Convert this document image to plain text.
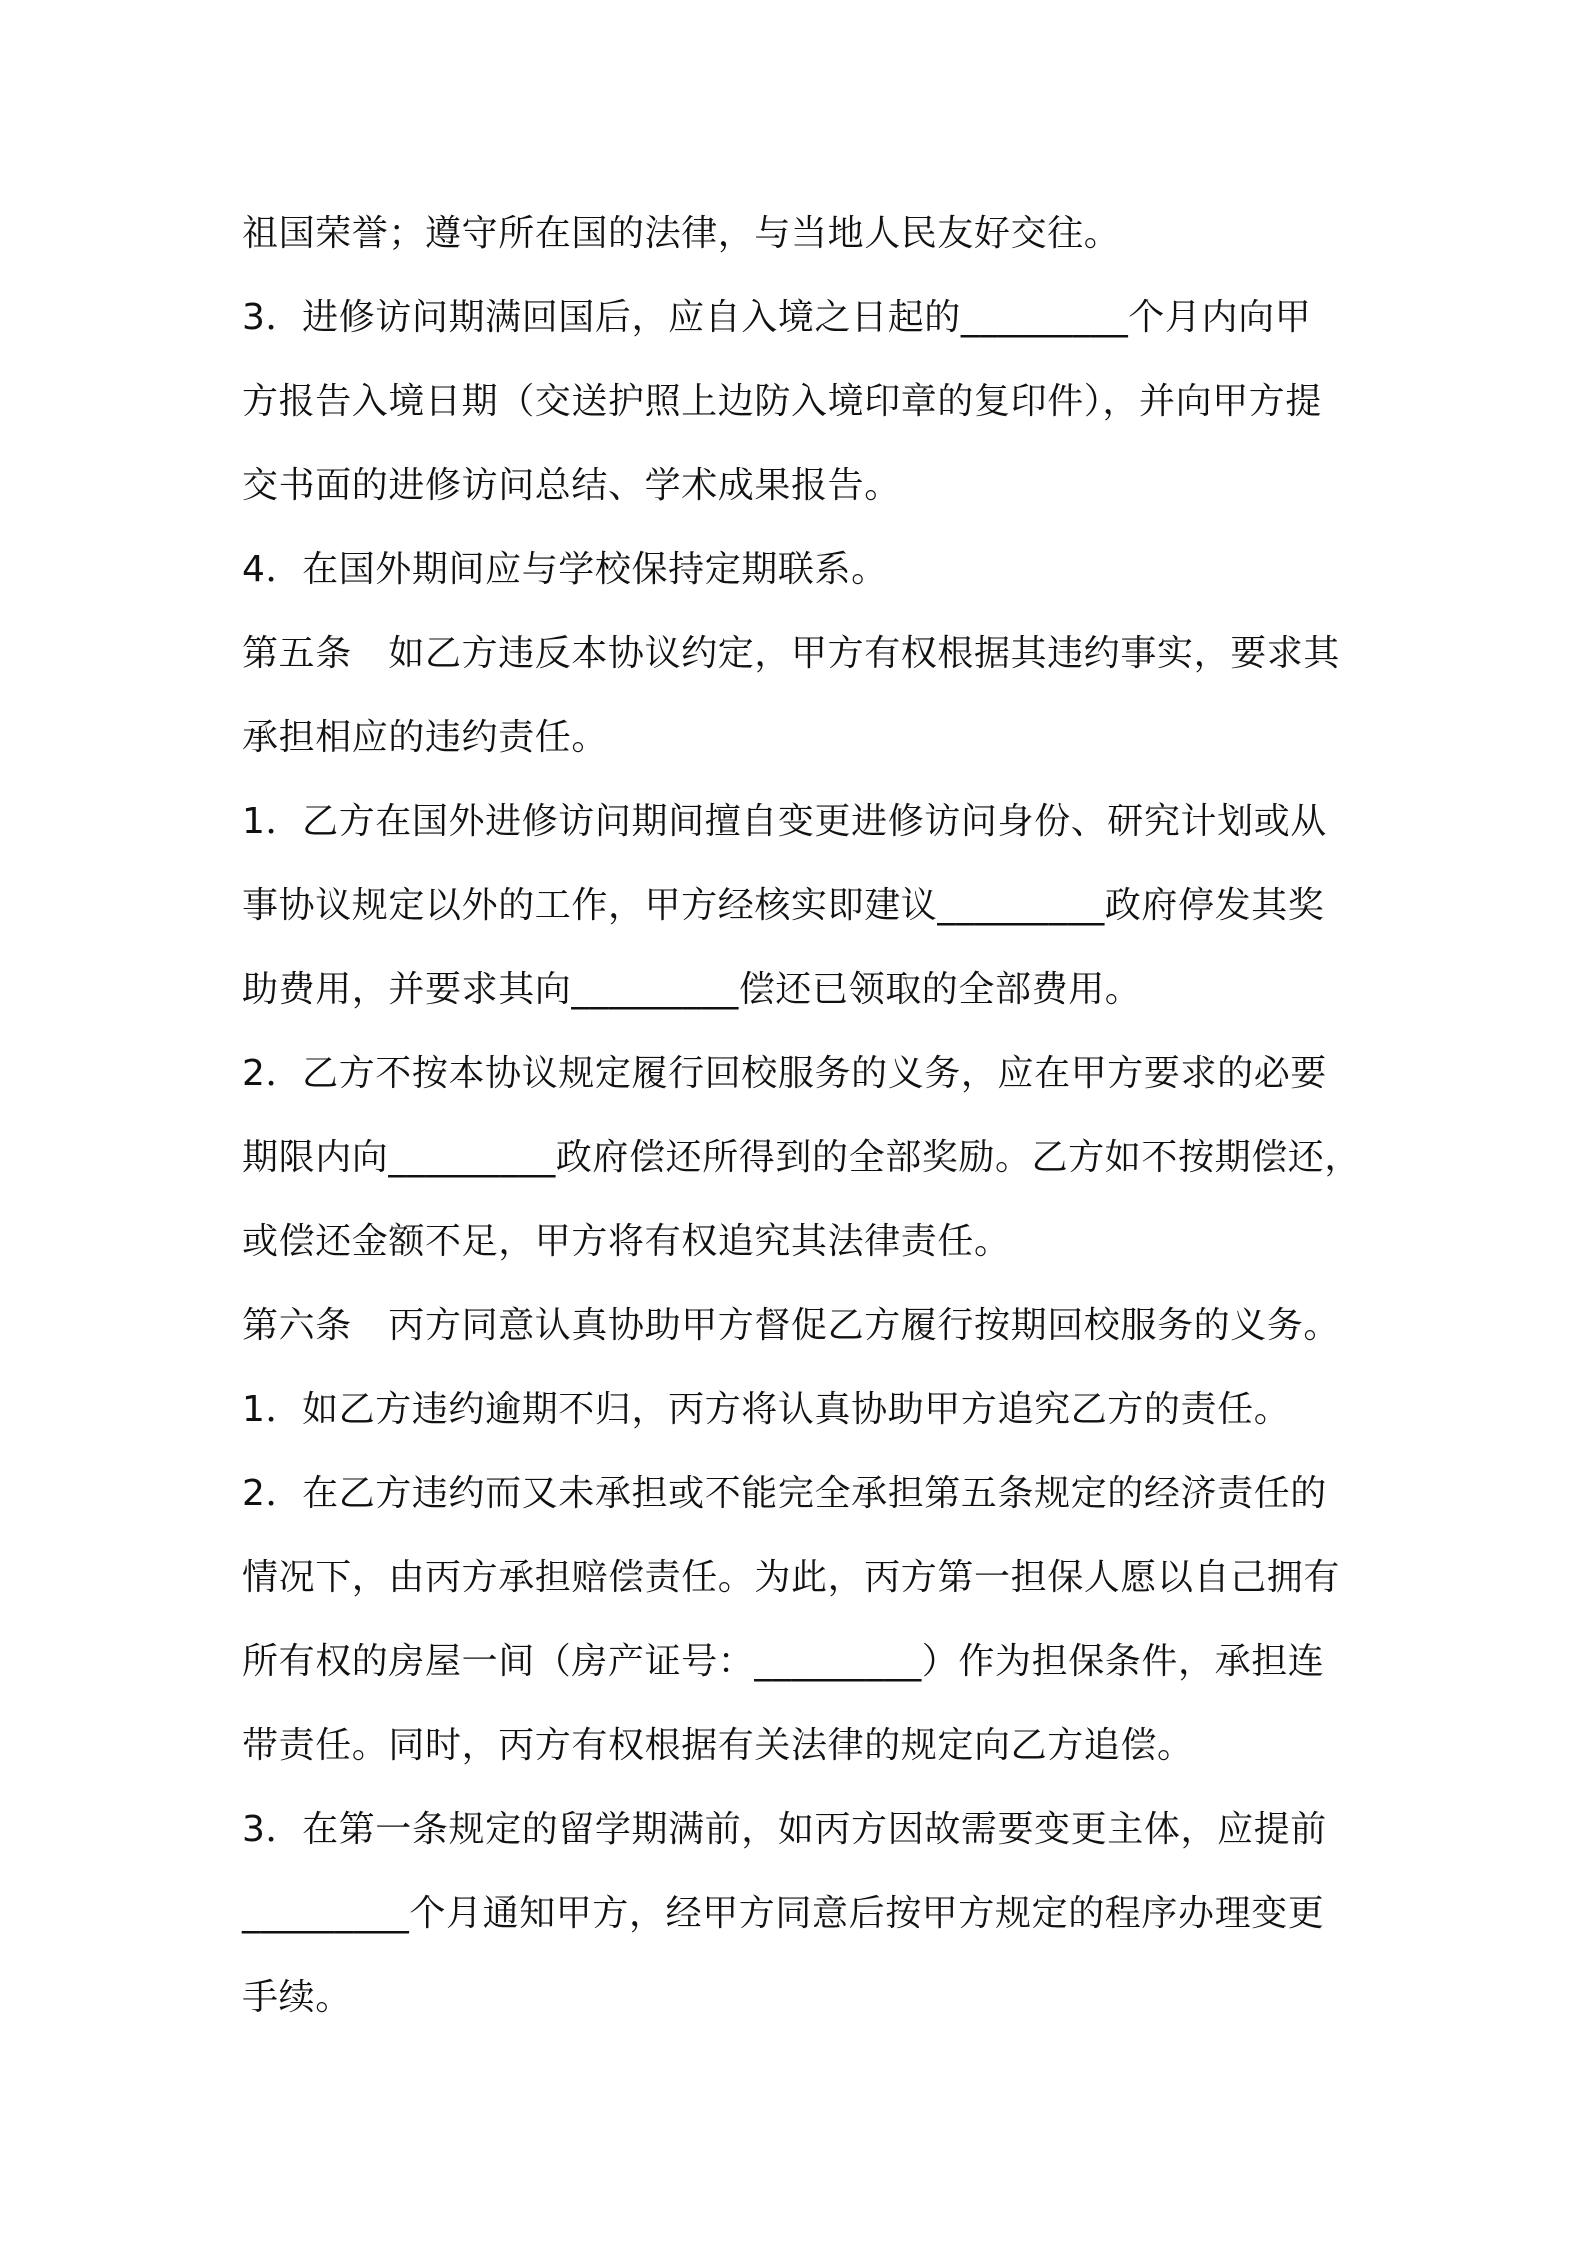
祖国荣誉；遵守所在国的法律，与当地人民友好交往。
3．进修访问期满回国后，应自入境之日起的_________个月内向甲
方报告入境日期（交送护照上边防入境印章的复印件），并向甲方提
交书面的进修访问总结、学术成果报告。
4．在国外期间应与学校保持定期联系。
第五条　如乙方违反本协议约定，甲方有权根据其违约事实，要求其
承担相应的违约责任。
1．乙方在国外进修访问期间擅自变更进修访问身份、研究计划或从
事协议规定以外的工作，甲方经核实即建议_________政府停发其奖
助费用，并要求其向_________偿还已领取的全部费用。
2．乙方不按本协议规定履行回校服务的义务，应在甲方要求的必要
期限内向_________政府偿还所得到的全部奖励。乙方如不按期偿还，
或偿还金额不足，甲方将有权追究其法律责任。
第六条　丙方同意认真协助甲方督促乙方履行按期回校服务的义务。
1．如乙方违约逾期不归，丙方将认真协助甲方追究乙方的责任。
2．在乙方违约而又未承担或不能完全承担第五条规定的经济责任的
情况下，由丙方承担赔偿责任。为此，丙方第一担保人愿以自己拥有
所有权的房屋一间（房产证号：_________）作为担保条件，承担连
带责任。同时，丙方有权根据有关法律的规定向乙方追偿。
3．在第一条规定的留学期满前，如丙方因故需要变更主体，应提前
_________个月通知甲方，经甲方同意后按甲方规定的程序办理变更
手续。
